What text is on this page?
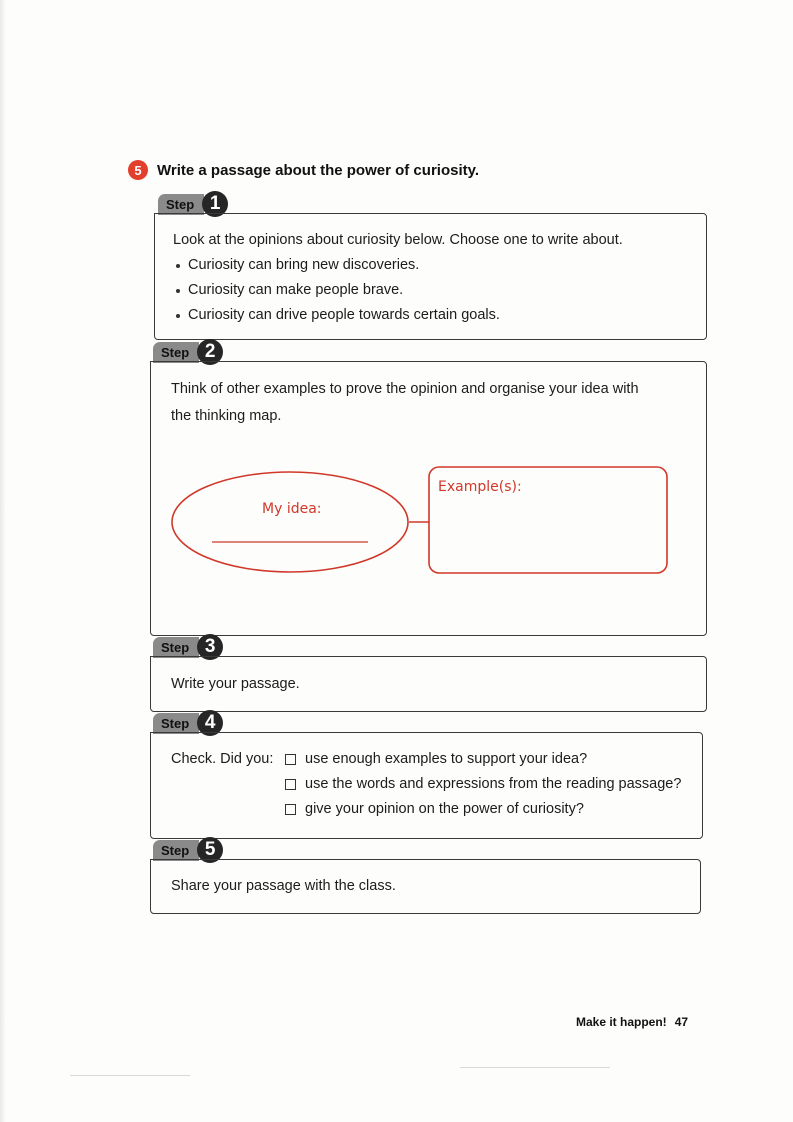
5	Write a passage about the power of curiosity.
Step 1
Look at the opinions about curiosity below. Choose one to write about.
Curiosity can bring new discoveries.
Curiosity can make people brave.
Curiosity can drive people towards certain goals.
Step 2
Think of other examples to prove the opinion and organise your idea with
the thinking map.
My idea:
Example(s):
Step 3
Write your passage.
Step 4
Check. Did you: use enough examples to support your idea?
use the words and expressions from the reading passage?
give your opinion on the power of curiosity?
Step 5
Share your passage with the class.
Make it happen! 47
